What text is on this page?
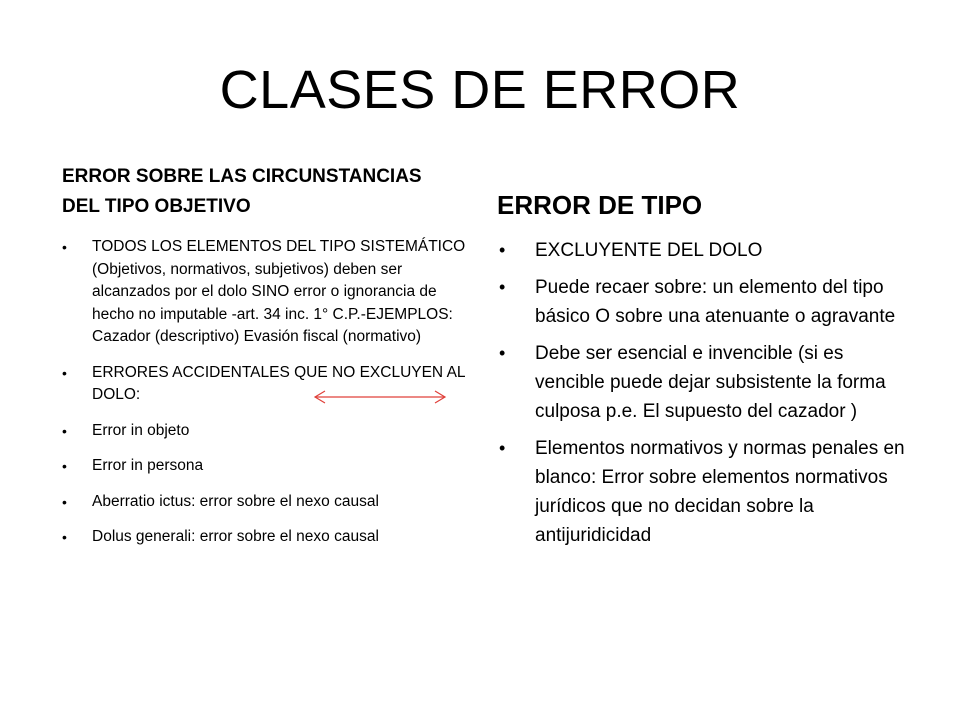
CLASES DE ERROR
ERROR SOBRE LAS CIRCUNSTANCIAS
DEL TIPO OBJETIVO
• TODOS LOS ELEMENTOS DEL TIPO SISTEMÁTICO (Objetivos, normativos, subjetivos) deben ser alcanzados por el dolo SINO error o ignorancia de hecho no imputable -art. 34 inc. 1° C.P.-EJEMPLOS: Cazador (descriptivo) Evasión fiscal (normativo)
• ERRORES ACCIDENTALES QUE NO EXCLUYEN AL DOLO:
• Error in objeto
• Error in persona
• Aberratio ictus: error sobre el nexo causal
• Dolus generali: error sobre el nexo causal
ERROR DE TIPO
• EXCLUYENTE DEL DOLO
• Puede recaer sobre: un elemento del tipo básico O sobre una atenuante o agravante
• Debe ser esencial e invencible (si es vencible puede dejar subsistente la forma culposa p.e. El supuesto del cazador )
• Elementos normativos y normas penales en blanco: Error sobre elementos normativos jurídicos que no decidan sobre la antijuridicidad
